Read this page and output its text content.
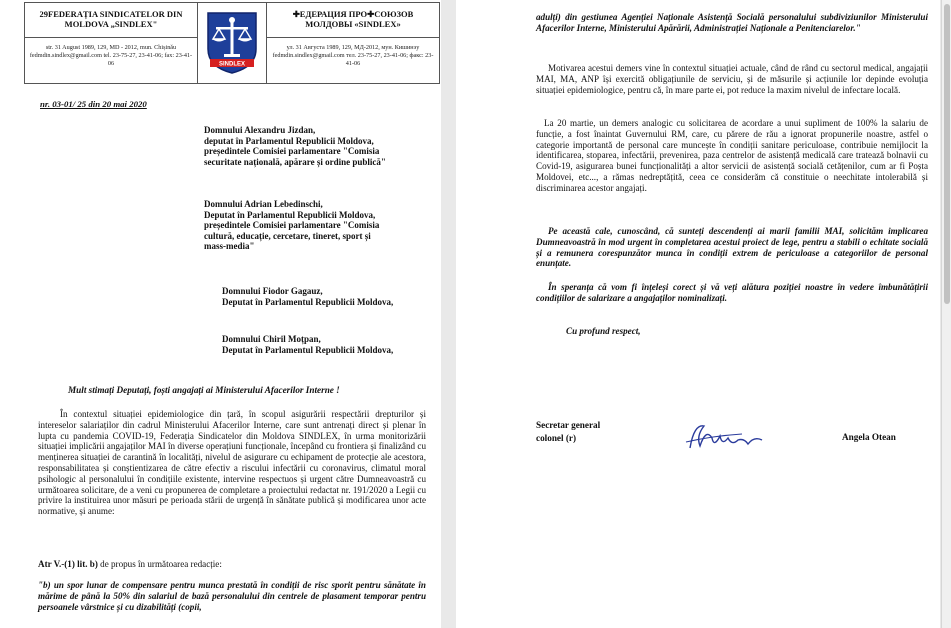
29FEDERAȚIA SINDICATELOR DIN MOLDOVA „SINDLEX"
str. 31 August 1989, 129, MD - 2012, mun. Chișinău fedmdin.sindlex@gmail.com tel. 23-75-27, 23-41-06; fax: 23-41-06	SINDLEX
✚ЕДЕРАЦИЯ ПРО✚СОЮЗОВ МОЛДОВЫ «SINDLEX»
ул. 31 Августа 1989, 129, МД-2012, мун. Кишинэу fedmdin.sindlex@gmail.com тел. 23-75-27, 23-41-06; факс: 23-41-06
nr. 03-01/ 25 din 20 mai 2020
Domnului Alexandru Jizdan,
deputat în Parlamentul Republicii Moldova, președintele Comisiei parlamentare "Comisia securitate națională, apărare și ordine publică"
Domnului Adrian Lebedinschi,
Deputat în Parlamentul Republicii Moldova, președintele Comisiei parlamentare "Comisia cultură, educație, cercetare, tineret, sport și mass-media"
Domnului Fiodor Gagauz,
Deputat în Parlamentul Republicii Moldova,
Domnului Chiril Moțpan,
Deputat în Parlamentul Republicii Moldova,
Mult stimați Deputați, foști angajați ai Ministerului Afacerilor Interne !
În contextul situației epidemiologice din țară, în scopul asigurării respectării drepturilor și intereselor salariaților din cadrul Ministerului Afacerilor Interne, care sunt antrenați direct și plenar în lupta cu pandemia COVID-19, Federația Sindicatelor din Moldova SINDLEX, în urma monitorizării situației implicării angajaților MAI în diverse operațiuni funcționale, începând cu frontiera și finalizând cu menținerea situației de carantină în localități, nivelul de asigurare cu echipament de protecție ale acestora, responsabilitatea și conștientizarea de către efectiv a riscului infectării cu coronavirus, climatul moral psihologic al personalului în condițiile existente, intervine respectuos și urgent către Dumneavoastră cu următoarea solicitare, de a veni cu propunerea de completare a proiectului redactat nr. 191/2020 a Legii cu privire la instituirea unor măsuri pe perioada stării de urgență în sănătate publică și modificarea unor acte normative, și anume:
Atr V.-(1) lit. b) de propus în următoarea redacție:
"b) un spor lunar de compensare pentru munca prestată în condiții de risc sporit pentru sănătate în mărime de până la 50% din salariul de bază personalului din centrele de plasament temporar pentru persoanele vârstnice și cu dizabilități (copii,
adulți) din gestiunea Agenției Naționale Asistență Socială personalului subdiviziunilor Ministerului Afacerilor Interne, Ministerului Apărării, Administrației Naționale a Penitenciarelor."
Motivarea acestui demers vine în contextul situației actuale, când de rând cu sectorul medical, angajații MAI, MA, ANP își exercită obligațiunile de serviciu, și de măsurile și acțiunile lor depinde evoluția situației epidemiologice, pentru că, în mare parte ei, pot reduce la maxim nivelul de infectare locală.
La 20 martie, un demers analogic cu solicitarea de acordare a unui supliment de 100% la salariu de funcție, a fost înaintat Guvernului RM, care, cu părere de rău a ignorat propunerile noastre, astfel o categorie importantă de personal care muncește în condiții sanitare periculoase, contribuie nemijlocit la identificarea, stoparea, infectării, prevenirea, paza centrelor de asistență medicală care tratează bolnavii cu Covid-19, asigurarea bunei funcționalități a altor servicii de asistență socială cetățenilor, cum ar fi Poșta Moldovei, etc..., a rămas nedreptățită, ceea ce considerăm că constituie o neechitate intolerabilă și discriminarea acestor angajați.
Pe această cale, cunoscând, că sunteți descendenți ai marii familii MAI, solicităm implicarea Dumneavoastră în mod urgent în completarea acestui proiect de lege, pentru a stabili o echitate socială și a remunera corespunzător munca în condiții extrem de periculoase a categoriilor de personal enunțate.
În speranța că vom fi înțeleși corect și vă veți alătura poziției noastre în vedere îmbunătățirii condițiilor de salarizare a angajaților nominalizați.
Cu profund respect,
Secretar general
colonel (r)	Angela Otean
